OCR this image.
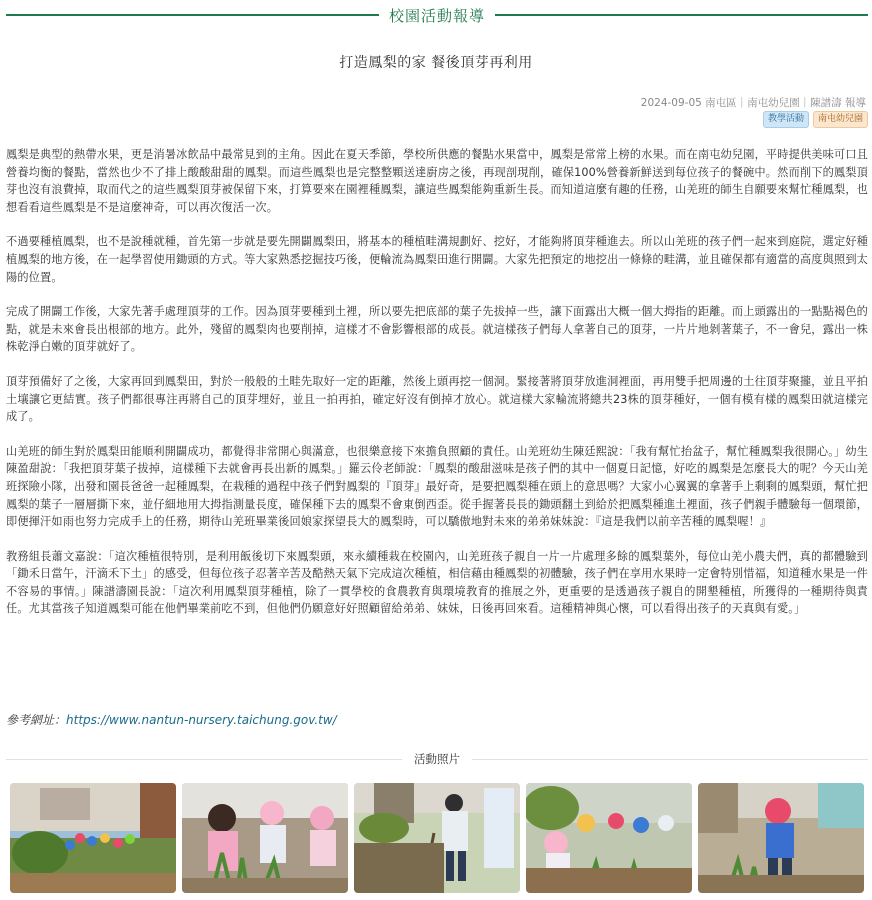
校園活動報導
打造鳳梨的家 餐後頂芽再利用
2024-09-05 南屯區｜南屯幼兒園｜陳譜濤 報導
教學活動	南屯幼兒園

鳳梨是典型的熱帶水果，更是消暑冰飲品中最常見到的主角。因此在夏天季節，學校所供應的餐點水果當中，鳳梨是常常上榜的水果。而在南屯幼兒園，平時提供美味可口且營養均衡的餐點，當然也少不了排上酸酸甜甜的鳳梨。而這些鳳梨也是完整整顆送達廚房之後，再现剖現削，確保100%營養新鮮送到每位孩子的餐碗中。然而削下的鳳梨頂芽也沒有浪費掉，取而代之的這些鳳梨頂芽被保留下來，打算要來在園裡種鳳梨，讓這些鳳梨能夠重新生長。而知道這麼有趣的任務，山羌班的師生自願要來幫忙種鳳梨，也想看看這些鳳梨是不是這麼神奇，可以再次復活一次。

不過要種植鳳梨，也不是說種就種，首先第一步就是要先開闢鳳梨田，將基本的種植畦溝規劃好、挖好，才能夠將頂芽種進去。所以山羌班的孩子們一起來到庭院，選定好種植鳳梨的地方後，在一起學習使用鋤頭的方式。等大家熟悉挖掘技巧後，便輪流為鳳梨田進行開闢。大家先把預定的地挖出一條條的畦溝，並且確保都有適當的高度與照到太陽的位置。

完成了開闢工作後，大家先著手處理頂芽的工作。因為頂芽要種到土裡，所以要先把底部的葉子先拔掉一些，讓下面露出大概一個大拇指的距離。而上頭露出的一點點褐色的點，就是未來會長出根部的地方。此外，殘留的鳳梨肉也要削掉，這樣才不會影響根部的成長。就這樣孩子們每人拿著自己的頂芽，一片片地剝著葉子，不一會兒，露出一株株乾淨白嫩的頂芽就好了。

頂芽預備好了之後，大家再回到鳳梨田，對於一般般的土畦先取好一定的距離，然後上頭再挖一個洞。緊接著將頂芽放進洞裡面，再用雙手把周邊的土往頂芽聚攏，並且平拍土壤讓它更結實。孩子們都很專注再將自己的頂芽埋好，並且一拍再拍，確定好沒有倒掉才放心。就這樣大家輪流將總共23株的頂芽種好，一個有模有樣的鳳梨田就這樣完成了。

山羌班的師生對於鳳梨田能順利開闢成功，都覺得非常開心與滿意，也很樂意接下來擔負照顧的責任。山羌班幼生陳廷熙說：「我有幫忙抬盆子，幫忙種鳳梨我很開心。」幼生陳盈甜說：「我把頂芽葉子拔掉，這樣種下去就會再長出新的鳳梨。」羅云伶老師說：「鳳梨的酸甜滋味是孩子們的其中一個夏日記憶，好吃的鳳梨是怎麼長大的呢？今天山羌班探險小隊，出發和園長爸爸一起種鳳梨，在栽種的過程中孩子們對鳳梨的『頂芽』最好奇，是要把鳳梨種在頭上的意思嗎？大家小心翼翼的拿著手上剩剩的鳳梨頭，幫忙把鳳梨的葉子一層層撕下來，並仔細地用大拇指測量長度，確保種下去的鳳梨不會東倒西歪。從手握著長長的鋤頭翻土到給於把鳳梨種進土裡面，孩子們親手體驗每一個環節，即便揮汗如雨也努力完成手上的任務，期待山羌班畢業後回娘家探望長大的鳳梨時，可以驕傲地對未來的弟弟妹妹說：『這是我們以前辛苦種的鳳梨喔！』

教務組長蕭文嘉說：「這次種植很特別，是利用飯後切下來鳳梨頭，來永續種栽在校園內，山羌班孩子親自一片一片處理多餘的鳳梨葉外，每位山羌小農夫們，真的都體驗到「鋤禾日當午，汗滴禾下土」的感受，但每位孩子忍著辛苦及酷熱天氣下完成這次種植，相信藉由種鳳梨的初體驗，孩子們在享用水果時一定會特別惜福，知道種水果是一件不容易的事情。」陳譜濤園長說：「這次利用鳳梨頂芽種植，除了一貫學校的食農教育與環境教育的推展之外，更重要的是透過孩子親自的開墾種植，所獲得的一種期待與責任。尤其當孩子知道鳳梨可能在他們畢業前吃不到，但他們仍願意好好照顧留給弟弟、妹妹，日後再回來看。這種精神與心懷，可以看得出孩子的天真與有愛。」

參考網址：https://www.nantun-nursery.taichung.gov.tw/
活動照片
